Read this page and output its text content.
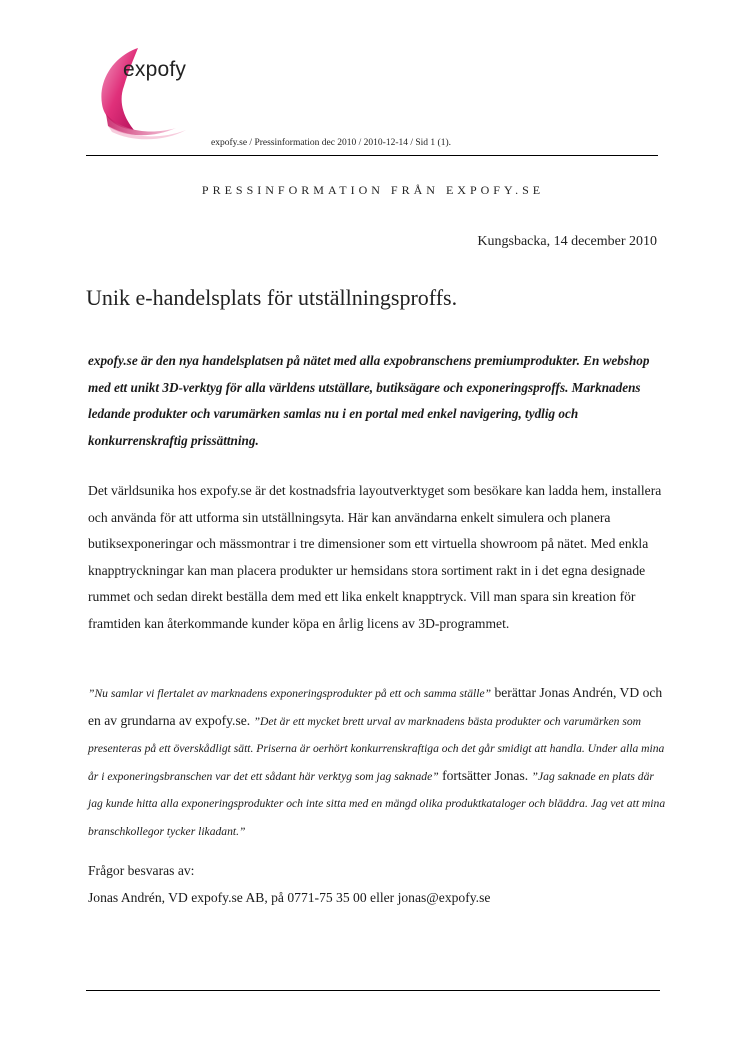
expofy
expofy.se / Pressinformation dec 2010 / 2010-12-14 / Sid 1 (1).
PRESSINFORMATION FRÅN EXPOFY.SE
Kungsbacka, 14 december 2010
Unik e-handelsplats för utställningsproffs.

expofy.se är den nya handelsplatsen på nätet med alla expobranschens premiumprodukter. En webshop med ett unikt 3D-verktyg för alla världens utställare, butiksägare och exponeringsproffs. Marknadens ledande produkter och varumärken samlas nu i en portal med enkel navigering, tydlig och konkurrenskraftig prissättning.

Det världsunika hos expofy.se är det kostnadsfria layoutverktyget som besökare kan ladda hem, installera och använda för att utforma sin utställningsyta. Här kan användarna enkelt simulera och planera butiksexponeringar och mässmontrar i tre dimensioner som ett virtuella showroom på nätet. Med enkla knapptryckningar kan man placera produkter ur hemsidans stora sortiment rakt in i det egna designade rummet och sedan direkt beställa dem med ett lika enkelt knapptryck. Vill man spara sin kreation för framtiden kan återkommande kunder köpa en årlig licens av 3D-programmet.

”Nu samlar vi flertalet av marknadens exponeringsprodukter på ett och samma ställe” berättar Jonas Andrén, VD och en av grundarna av expofy.se. ”Det är ett mycket brett urval av marknadens bästa produkter och varumärken som presenteras på ett överskådligt sätt. Priserna är oerhört konkurrenskraftiga och det går smidigt att handla. Under alla mina år i exponeringsbranschen var det ett sådant här verktyg som jag saknade” fortsätter Jonas. ”Jag saknade en plats där jag kunde hitta alla exponeringsprodukter och inte sitta med en mängd olika produktkataloger och bläddra. Jag vet att mina branschkollegor tycker likadant.”

Frågor besvaras av:
Jonas Andrén, VD expofy.se AB, på 0771-75 35 00 eller jonas@expofy.se
